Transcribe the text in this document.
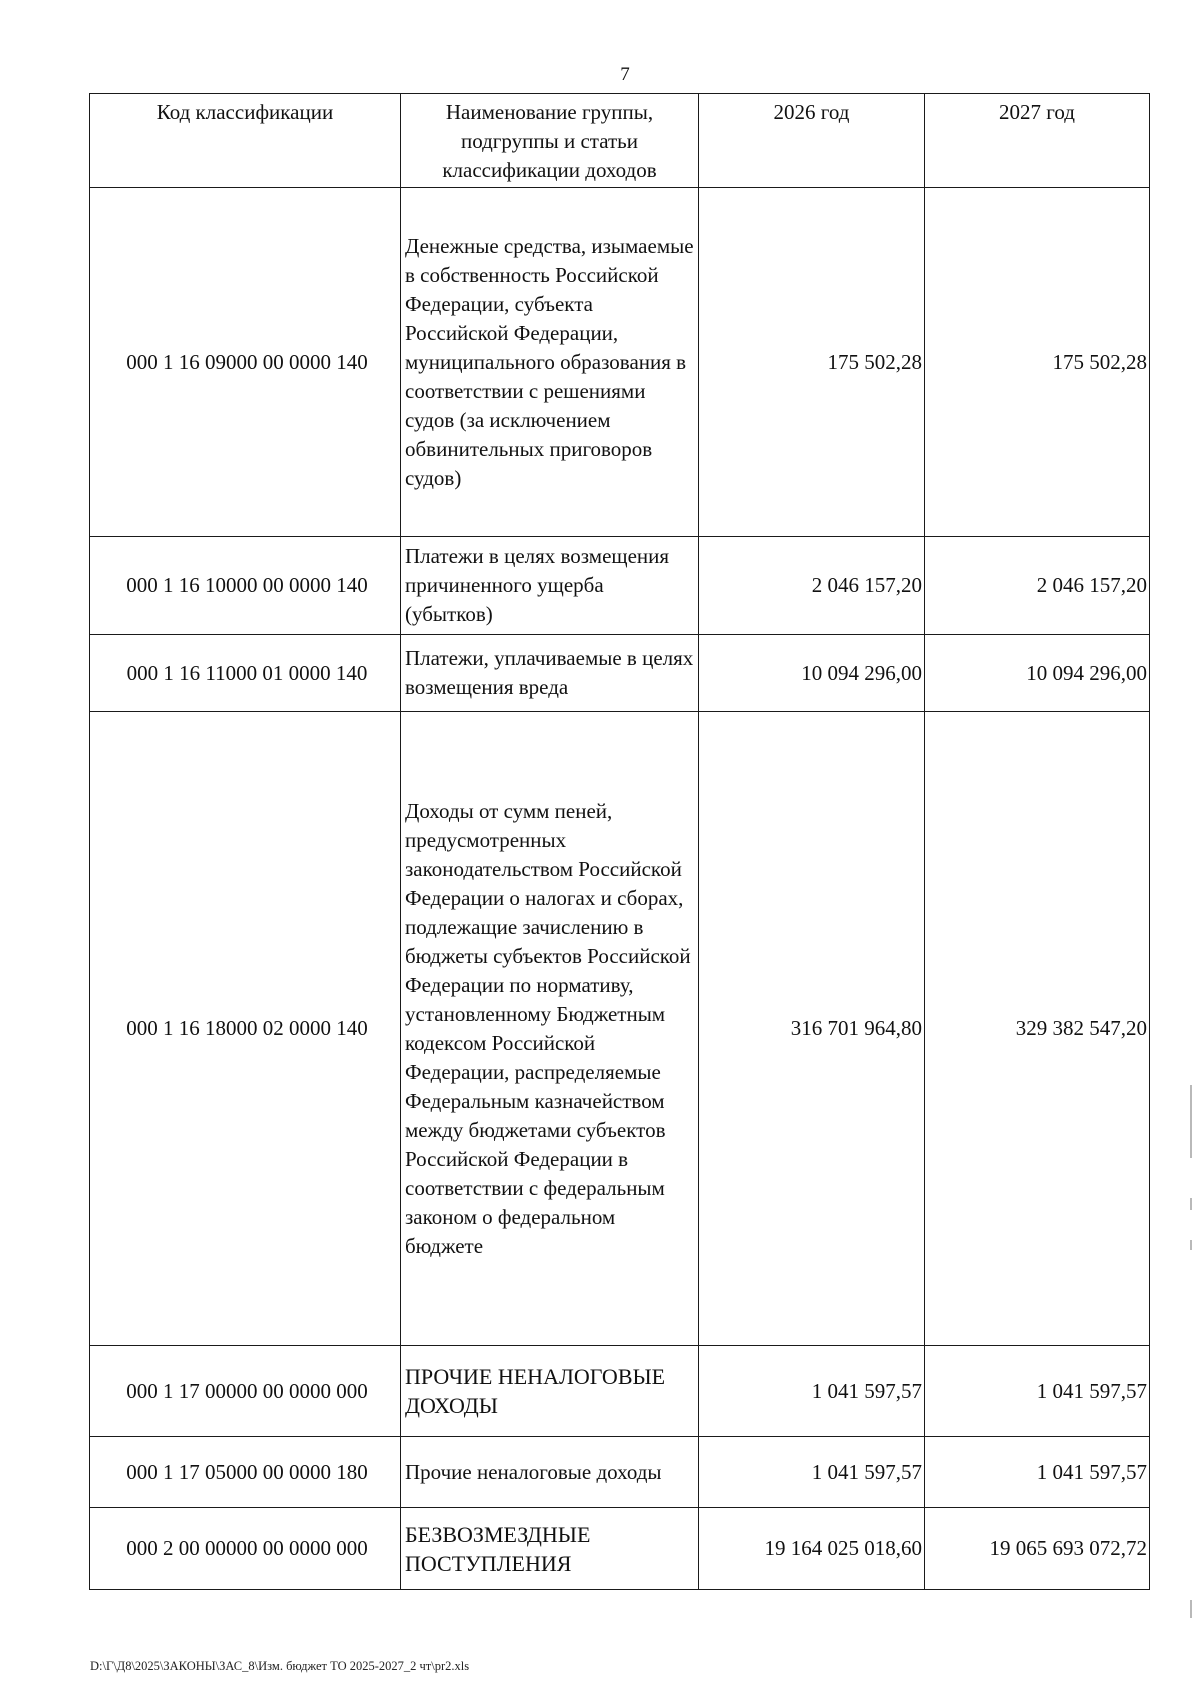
7
Код классификации	Наименование группы, подгруппы и статьи классификации доходов	2026 год	2027 год
000 1 16 09000 00 0000 140	Денежные средства, изымаемые в собственность Российской Федерации, субъекта Российской Федерации, муниципального образования в соответствии с решениями судов (за исключением обвинительных приговоров судов)	175 502,28	175 502,28
000 1 16 10000 00 0000 140	Платежи в целях возмещения причиненного ущерба (убытков)	2 046 157,20	2 046 157,20
000 1 16 11000 01 0000 140	Платежи, уплачиваемые в целях возмещения вреда	10 094 296,00	10 094 296,00
000 1 16 18000 02 0000 140	Доходы от сумм пеней, предусмотренных законодательством Российской Федерации о налогах и сборах, подлежащие зачислению в бюджеты субъектов Российской Федерации по нормативу, установленному Бюджетным кодексом Российской Федерации, распределяемые Федеральным казначейством между бюджетами субъектов Российской Федерации в соответствии с федеральным законом о федеральном бюджете	316 701 964,80	329 382 547,20
000 1 17 00000 00 0000 000	ПРОЧИЕ НЕНАЛОГОВЫЕ ДОХОДЫ	1 041 597,57	1 041 597,57
000 1 17 05000 00 0000 180	Прочие неналоговые доходы	1 041 597,57	1 041 597,57
000 2 00 00000 00 0000 000	БЕЗВОЗМЕЗДНЫЕ ПОСТУПЛЕНИЯ	19 164 025 018,60	19 065 693 072,72
D:\Г\Д8\2025\ЗАКОНЫ\ЗАС_8\Изм. бюджет ТО 2025-2027_2 чт\pr2.xls
